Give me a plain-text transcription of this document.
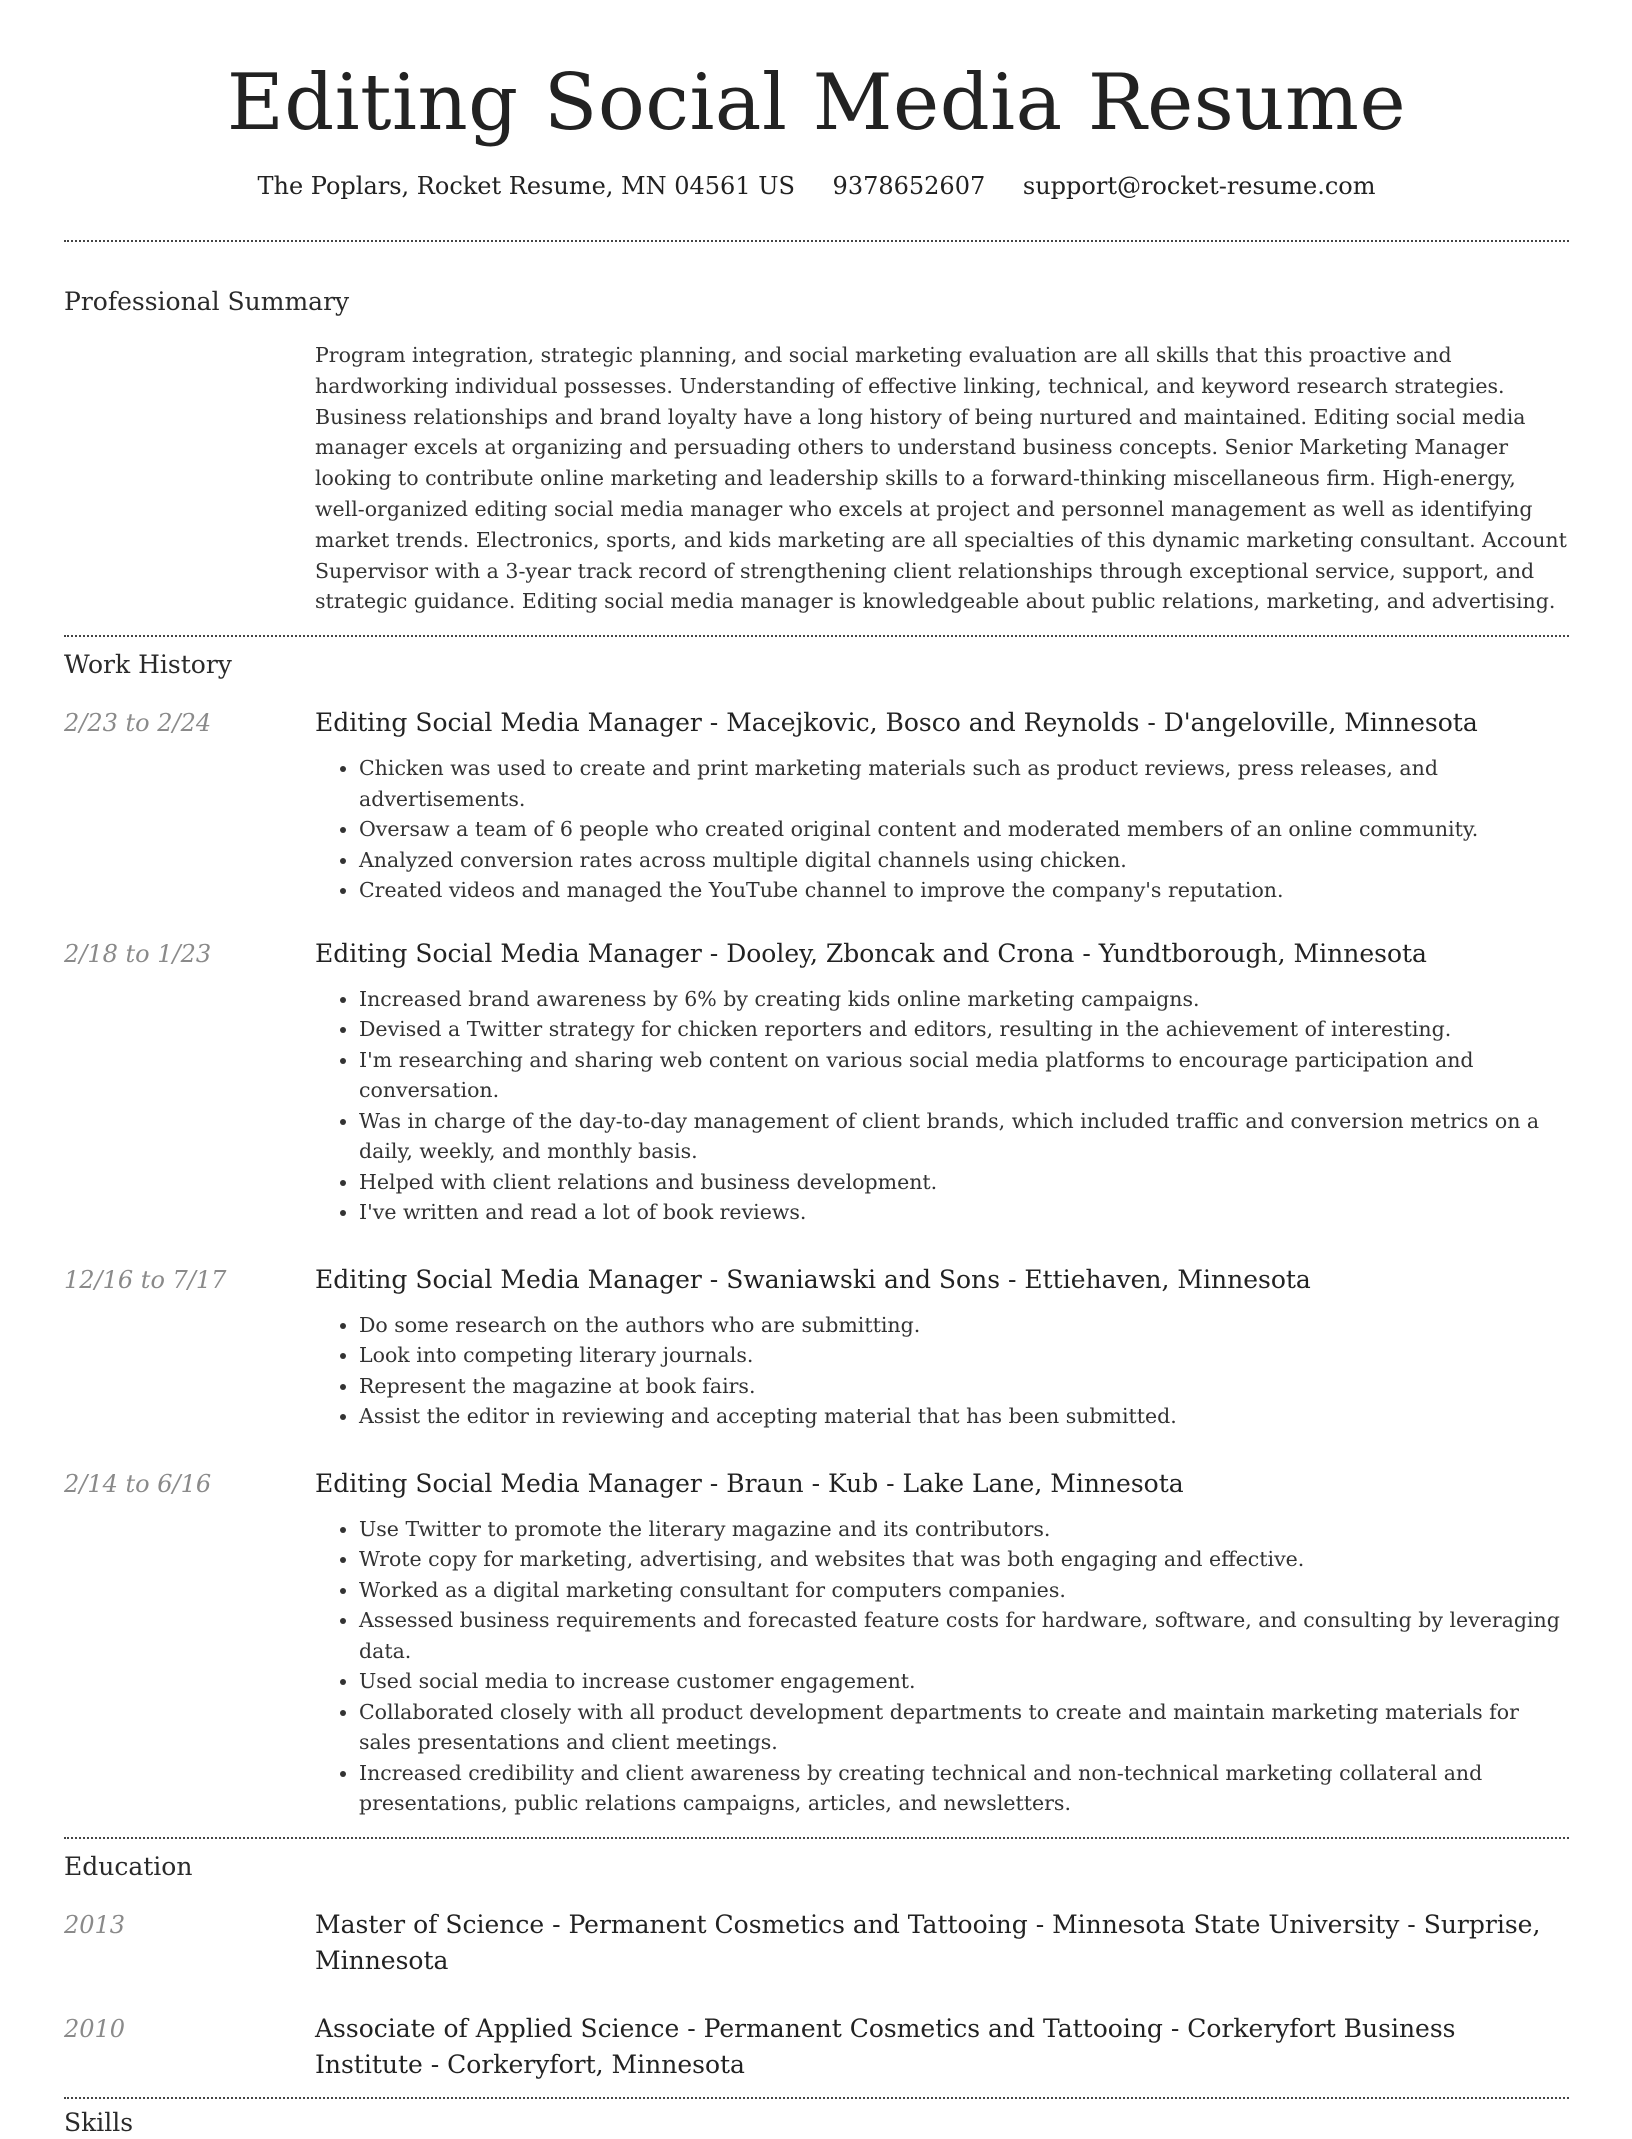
Editing Social Media Resume
The Poplars, Rocket Resume, MN 04561 US 9378652607 support@rocket-resume.com
Professional Summary
Program integration, strategic planning, and social marketing evaluation are all skills that this proactive and hardworking individual possesses. Understanding of effective linking, technical, and keyword research strategies. Business relationships and brand loyalty have a long history of being nurtured and maintained. Editing social media manager excels at organizing and persuading others to understand business concepts. Senior Marketing Manager looking to contribute online marketing and leadership skills to a forward-thinking miscellaneous firm. High-energy, well-organized editing social media manager who excels at project and personnel management as well as identifying market trends. Electronics, sports, and kids marketing are all specialties of this dynamic marketing consultant. Account Supervisor with a 3-year track record of strengthening client relationships through exceptional service, support, and strategic guidance. Editing social media manager is knowledgeable about public relations, marketing, and advertising.
Work History
2/23 to 2/24	Editing Social Media Manager - Macejkovic, Bosco and Reynolds - D'angeloville, Minnesota
• Chicken was used to create and print marketing materials such as product reviews, press releases, and advertisements.
• Oversaw a team of 6 people who created original content and moderated members of an online community.
• Analyzed conversion rates across multiple digital channels using chicken.
• Created videos and managed the YouTube channel to improve the company's reputation.
2/18 to 1/23	Editing Social Media Manager - Dooley, Zboncak and Crona - Yundtborough, Minnesota
• Increased brand awareness by 6% by creating kids online marketing campaigns.
• Devised a Twitter strategy for chicken reporters and editors, resulting in the achievement of interesting.
• I'm researching and sharing web content on various social media platforms to encourage participation and conversation.
• Was in charge of the day-to-day management of client brands, which included traffic and conversion metrics on a daily, weekly, and monthly basis.
• Helped with client relations and business development.
• I've written and read a lot of book reviews.
12/16 to 7/17	Editing Social Media Manager - Swaniawski and Sons - Ettiehaven, Minnesota
• Do some research on the authors who are submitting.
• Look into competing literary journals.
• Represent the magazine at book fairs.
• Assist the editor in reviewing and accepting material that has been submitted.
2/14 to 6/16	Editing Social Media Manager - Braun - Kub - Lake Lane, Minnesota
• Use Twitter to promote the literary magazine and its contributors.
• Wrote copy for marketing, advertising, and websites that was both engaging and effective.
• Worked as a digital marketing consultant for computers companies.
• Assessed business requirements and forecasted feature costs for hardware, software, and consulting by leveraging data.
• Used social media to increase customer engagement.
• Collaborated closely with all product development departments to create and maintain marketing materials for sales presentations and client meetings.
• Increased credibility and client awareness by creating technical and non-technical marketing collateral and presentations, public relations campaigns, articles, and newsletters.
Education
2013	Master of Science - Permanent Cosmetics and Tattooing - Minnesota State University - Surprise, Minnesota
2010	Associate of Applied Science - Permanent Cosmetics and Tattooing - Corkeryfort Business Institute - Corkeryfort, Minnesota
Skills
